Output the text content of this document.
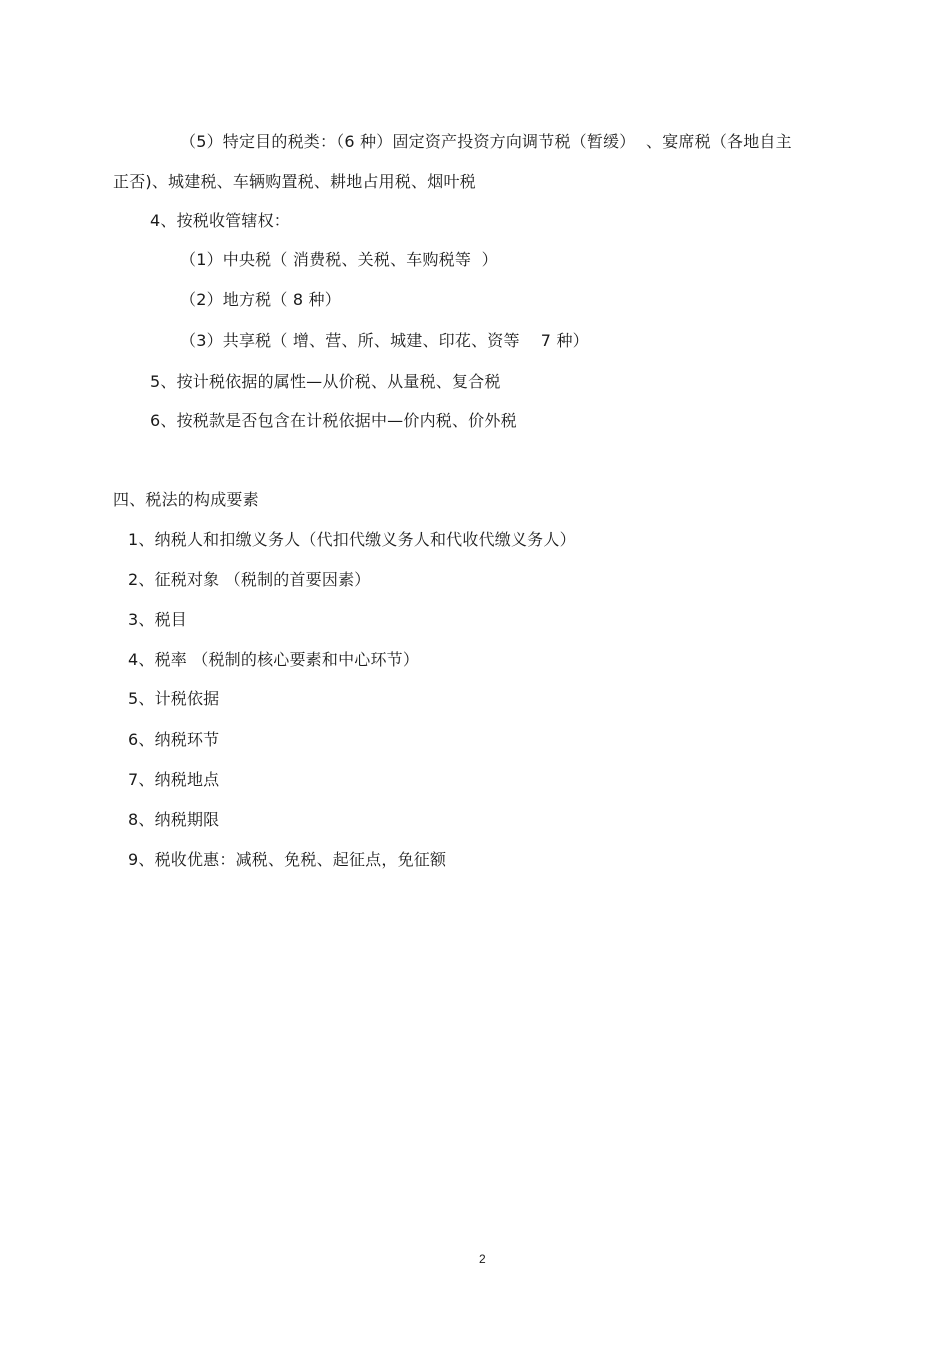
（5）特定目的税类：（6 种）固定资产投资方向调节税（暂缓）  、宴席税（各地自主
正否)、城建税、车辆购置税、耕地占用税、烟叶税
4、按税收管辖权：
（1）中央税（ 消费税、关税、车购税等  ）
（2）地方税（ 8 种）
（3）共享税（ 增、营、所、城建、印花、资等    7 种）
5、按计税依据的属性—从价税、从量税、复合税
6、按税款是否包含在计税依据中—价内税、价外税
四、税法的构成要素
1、纳税人和扣缴义务人（代扣代缴义务人和代收代缴义务人）
2、征税对象 （税制的首要因素）
3、税目
4、税率 （税制的核心要素和中心环节）
5、计税依据
6、纳税环节
7、纳税地点
8、纳税期限
9、税收优惠：减税、免税、起征点，免征额
2
